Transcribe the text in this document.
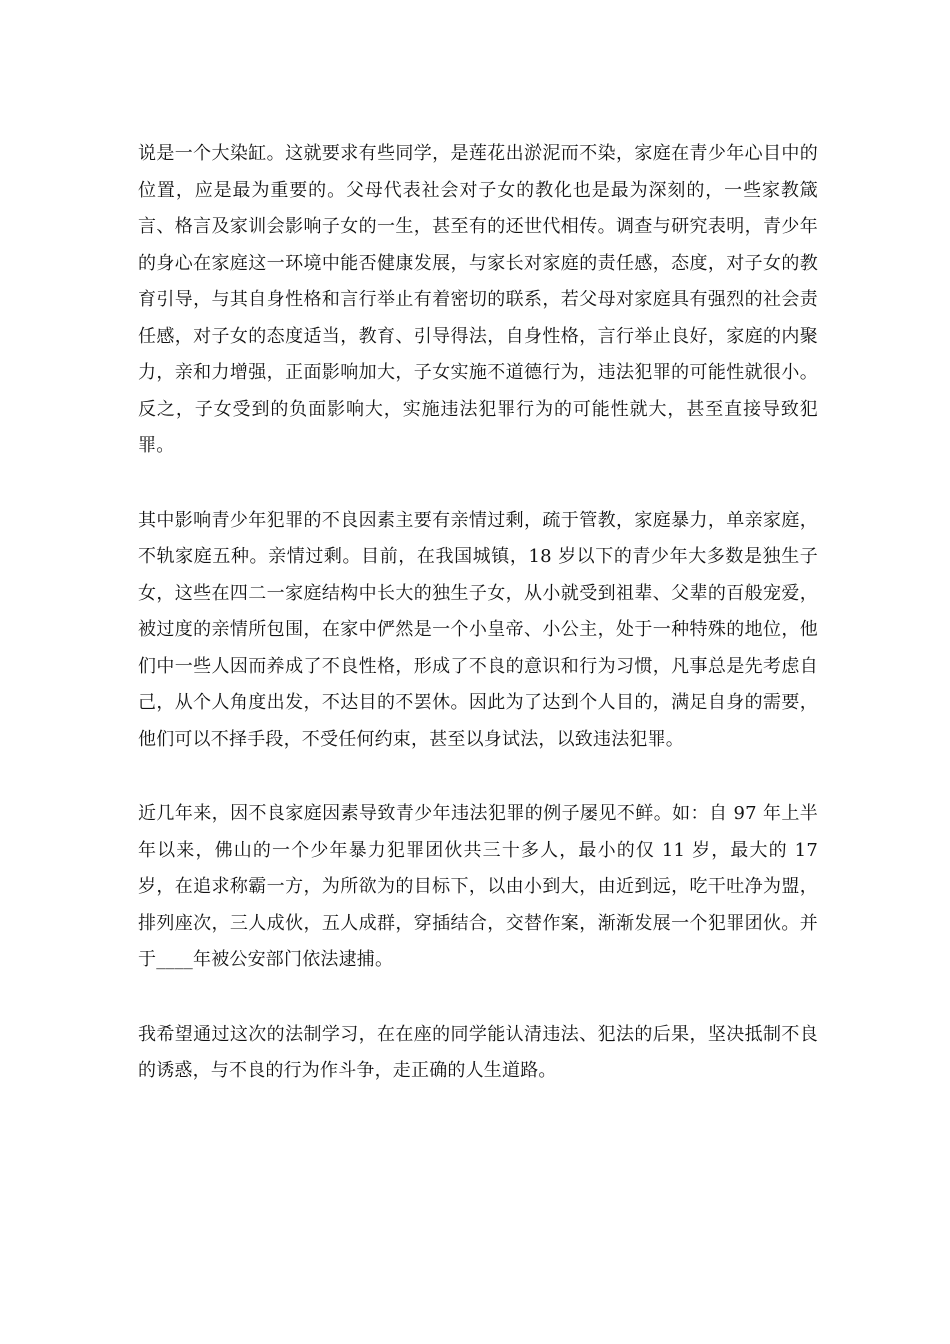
说是一个大染缸。这就要求有些同学，是莲花出淤泥而不染，家庭在青少年心目中的位置，应是最为重要的。父母代表社会对子女的教化也是最为深刻的，一些家教箴言、格言及家训会影响子女的一生，甚至有的还世代相传。调查与研究表明，青少年的身心在家庭这一环境中能否健康发展，与家长对家庭的责任感，态度，对子女的教育引导，与其自身性格和言行举止有着密切的联系，若父母对家庭具有强烈的社会责任感，对子女的态度适当，教育、引导得法，自身性格，言行举止良好，家庭的内聚力，亲和力增强，正面影响加大，子女实施不道德行为，违法犯罪的可能性就很小。反之，子女受到的负面影响大，实施违法犯罪行为的可能性就大，甚至直接导致犯罪。

其中影响青少年犯罪的不良因素主要有亲情过剩，疏于管教，家庭暴力，单亲家庭，不轨家庭五种。亲情过剩。目前，在我国城镇，18 岁以下的青少年大多数是独生子女，这些在四二一家庭结构中长大的独生子女，从小就受到祖辈、父辈的百般宠爱，被过度的亲情所包围，在家中俨然是一个小皇帝、小公主，处于一种特殊的地位，他们中一些人因而养成了不良性格，形成了不良的意识和行为习惯，凡事总是先考虑自己，从个人角度出发，不达目的不罢休。因此为了达到个人目的，满足自身的需要，他们可以不择手段，不受任何约束，甚至以身试法，以致违法犯罪。

近几年来，因不良家庭因素导致青少年违法犯罪的例子屡见不鲜。如：自 97 年上半年以来，佛山的一个少年暴力犯罪团伙共三十多人，最小的仅 11 岁，最大的 17 岁，在追求称霸一方，为所欲为的目标下，以由小到大，由近到远，吃干吐净为盟，排列座次，三人成伙，五人成群，穿插结合，交替作案，渐渐发展一个犯罪团伙。并于____年被公安部门依法逮捕。

我希望通过这次的法制学习，在在座的同学能认清违法、犯法的后果，坚决抵制不良的诱惑，与不良的行为作斗争，走正确的人生道路。
